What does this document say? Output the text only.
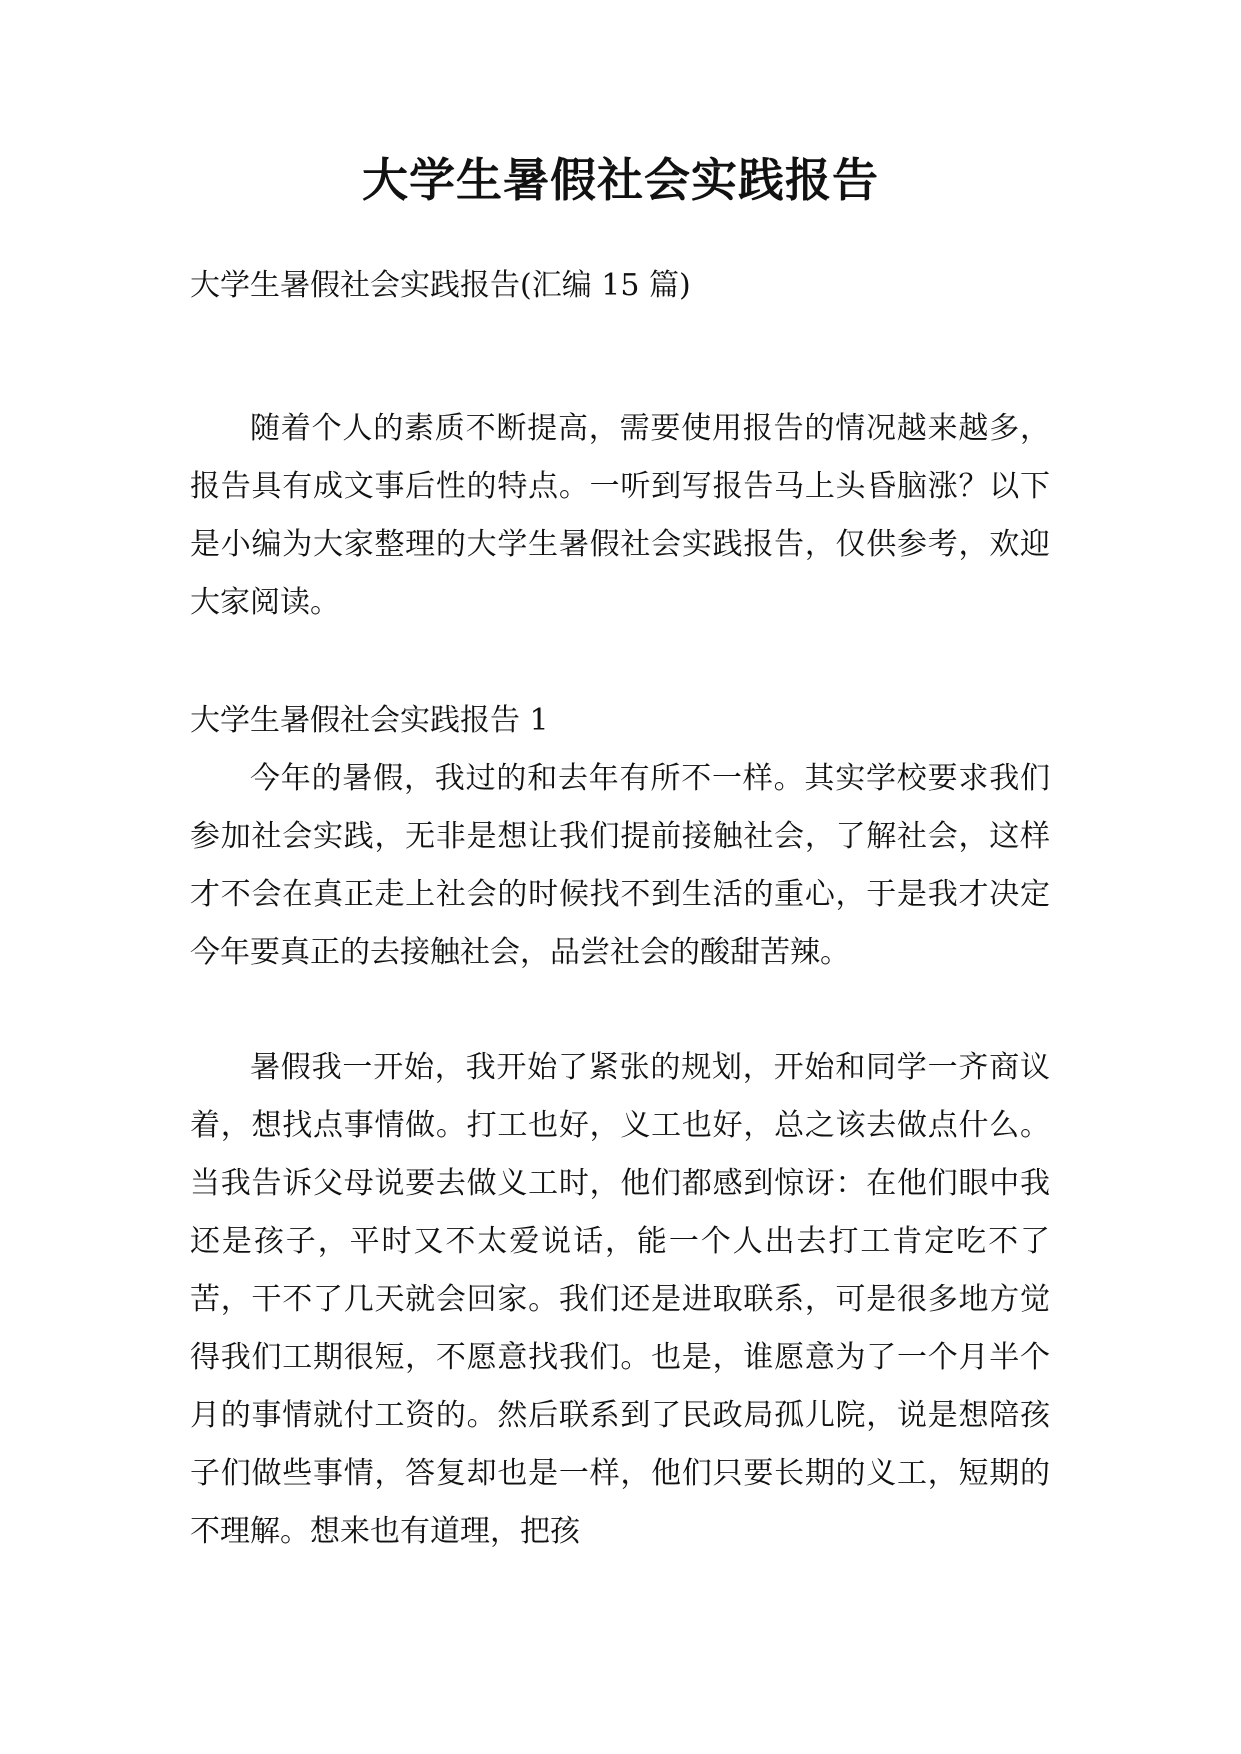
大学生暑假社会实践报告

大学生暑假社会实践报告(汇编 15 篇)

随着个人的素质不断提高，需要使用报告的情况越来越多，报告具有成文事后性的特点。一听到写报告马上头昏脑涨？以下是小编为大家整理的大学生暑假社会实践报告，仅供参考，欢迎大家阅读。

大学生暑假社会实践报告 1

今年的暑假，我过的和去年有所不一样。其实学校要求我们参加社会实践，无非是想让我们提前接触社会，了解社会，这样才不会在真正走上社会的时候找不到生活的重心，于是我才决定今年要真正的去接触社会，品尝社会的酸甜苦辣。

暑假我一开始，我开始了紧张的规划，开始和同学一齐商议着，想找点事情做。打工也好，义工也好，总之该去做点什么。当我告诉父母说要去做义工时，他们都感到惊讶：在他们眼中我还是孩子，平时又不太爱说话，能一个人出去打工肯定吃不了苦，干不了几天就会回家。我们还是进取联系，可是很多地方觉得我们工期很短，不愿意找我们。也是，谁愿意为了一个月半个月的事情就付工资的。然后联系到了民政局孤儿院，说是想陪孩子们做些事情，答复却也是一样，他们只要长期的义工，短期的不理解。想来也有道理，把孩
